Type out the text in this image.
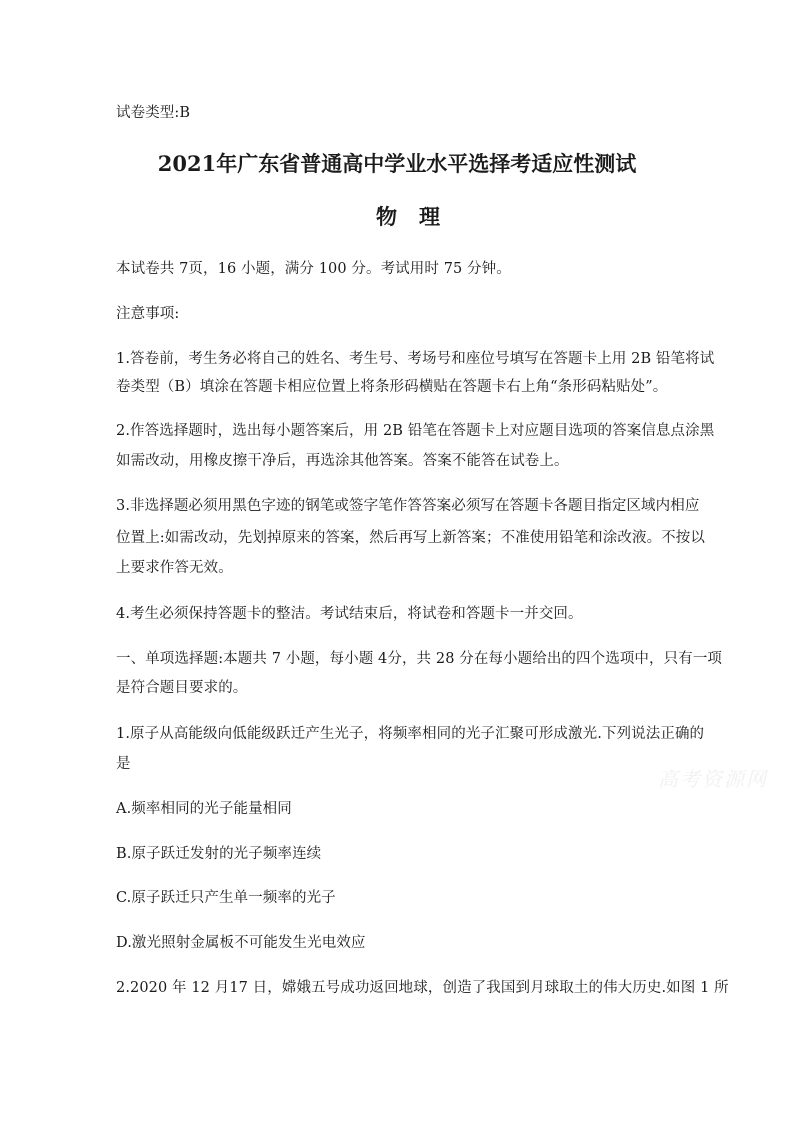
试卷类型:B
2021年广东省普通高中学业水平选择考适应性测试
物理
本试卷共 7页，16 小题，满分 100 分。考试用时 75 分钟。
注意事项:
1.答卷前，考生务必将自己的姓名、考生号、考场号和座位号填写在答题卡上用 2B 铅笔将试
卷类型（B）填涂在答题卡相应位置上将条形码横贴在答题卡右上角“条形码粘贴处”。
2.作答选择题时，选出每小题答案后，用 2B 铅笔在答题卡上对应题目选项的答案信息点涂黑
如需改动，用橡皮擦干净后，再选涂其他答案。答案不能答在试卷上。
3.非选择题必须用黑色字迹的钢笔或签字笔作答答案必须写在答题卡各题目指定区域内相应
位置上:如需改动，先划掉原来的答案，然后再写上新答案；不准使用铅笔和涂改液。不按以
上要求作答无效。
4.考生必须保持答题卡的整洁。考试结束后，将试卷和答题卡一并交回。
一、单项选择题:本题共 7 小题，每小题 4分，共 28 分在每小题给出的四个选项中，只有一项
是符合题目要求的。
1.原子从高能级向低能级跃迁产生光子，将频率相同的光子汇聚可形成激光.下列说法正确的
是
A.频率相同的光子能量相同
B.原子跃迁发射的光子频率连续
C.原子跃迁只产生单一频率的光子
D.激光照射金属板不可能发生光电效应
2.2020 年 12 月17 日，嫦娥五号成功返回地球，创造了我国到月球取土的伟大历史.如图 1 所
高考资源网
